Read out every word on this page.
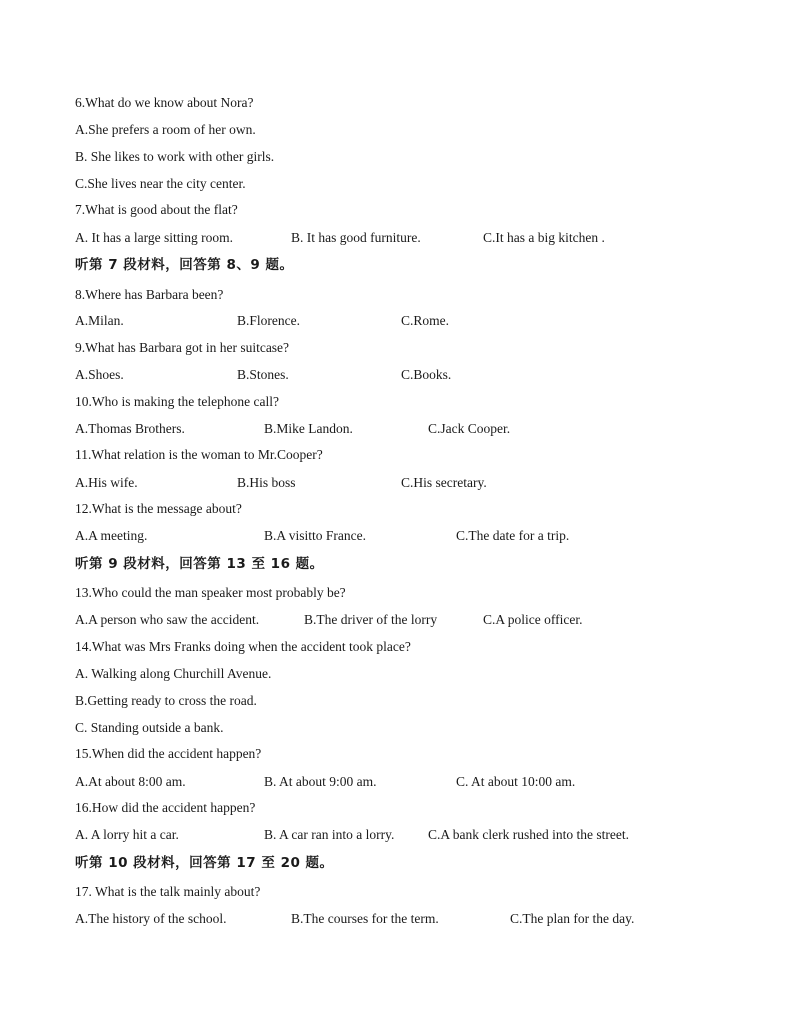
6.What do we know about Nora?
A.She prefers a room of her own.
B. She likes to work with other girls.
C.She lives near the city center.
7.What is good about the flat?
A. It has a large sitting room.	B. It has good furniture.	C.It has a big kitchen .
听第 7 段材料，回答第 8、9 题。
8.Where has Barbara been?
A.Milan.	B.Florence.	C.Rome.
9.What has Barbara got in her suitcase?
A.Shoes.	B.Stones.	C.Books.
10.Who is making the telephone call?
A.Thomas Brothers.	B.Mike Landon.	C.Jack Cooper.
11.What relation is the woman to Mr.Cooper?
A.His wife.	B.His boss	C.His secretary.
12.What is the message about?
A.A meeting.	B.A visitto France.	C.The date for a trip.
听第 9 段材料，回答第 13 至 16 题。
13.Who could the man speaker most probably be?
A.A person who saw the accident.	B.The driver of the lorry	C.A police officer.
14.What was Mrs Franks doing when the accident took place?
A. Walking along Churchill Avenue.
B.Getting ready to cross the road.
C. Standing outside a bank.
15.When did the accident happen?
A.At about 8:00 am.	B. At about 9:00 am.	C. At about 10:00 am.
16.How did the accident happen?
A. A lorry hit a car.	B. A car ran into a lorry. C.A bank clerk rushed into the street.
听第 10 段材料，回答第 17 至 20 题。
17. What is the talk mainly about?
A.The history of the school.	B.The courses for the term.	C.The plan for the day.
